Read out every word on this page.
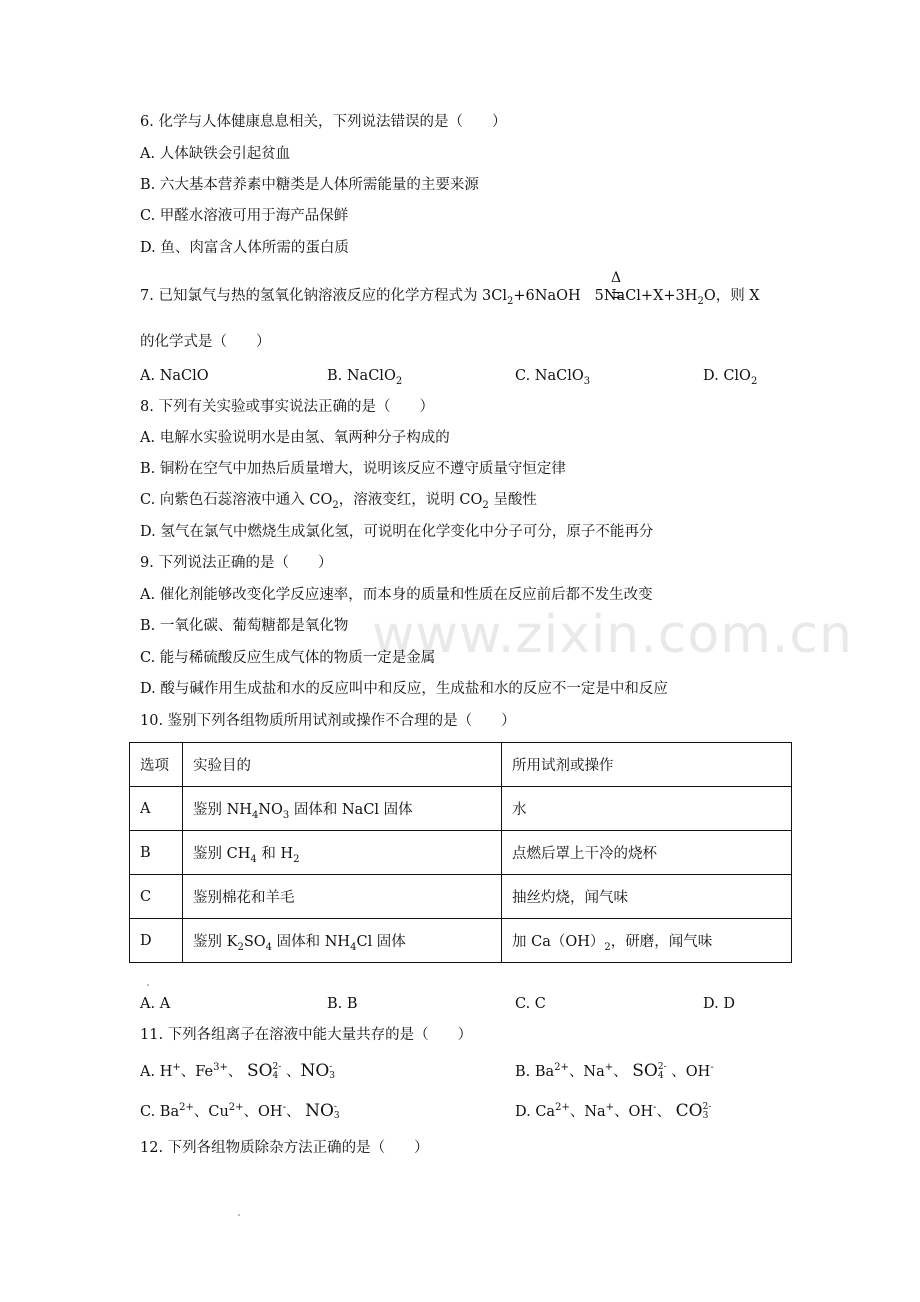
www.zixin.com.cn
6. 化学与人体健康息息相关，下列说法错误的是（　　）
A. 人体缺铁会引起贫血
B. 六大基本营养素中糖类是人体所需能量的主要来源
C. 甲醛水溶液可用于海产品保鲜
D. 鱼、肉富含人体所需的蛋白质
7. 已知氯气与热的氢氧化钠溶液反应的化学方程式为 $3Cl_2+6NaOH$ $5NaCl+X+3H_2O$，则 X
Δ
的化学式是（　　）
A. NaClO	B. NaClO$_2$	C. NaClO$_3$	D. ClO$_2$
8. 下列有关实验或事实说法正确的是（　　）
A. 电解水实验说明水是由氢、氧两种分子构成的
B. 铜粉在空气中加热后质量增大，说明该反应不遵守质量守恒定律
C. 向紫色石蕊溶液中通入 $CO_2$，溶液变红，说明 $CO_2$ 呈酸性
D. 氢气在氯气中燃烧生成氯化氢，可说明在化学变化中分子可分，原子不能再分
9. 下列说法正确的是（　　）
A. 催化剂能够改变化学反应速率，而本身的质量和性质在反应前后都不发生改变
B. 一氧化碳、葡萄糖都是氧化物
C. 能与稀硫酸反应生成气体的物质一定是金属
D. 酸与碱作用生成盐和水的反应叫中和反应，生成盐和水的反应不一定是中和反应
10. 鉴别下列各组物质所用试剂或操作不合理的是（　　）
选项	实验目的	所用试剂或操作
A	鉴别 $NH_4NO_3$ 固体和 NaCl 固体	水
B	鉴别 $CH_4$ 和 $H_2$	点燃后罩上干冷的烧杯
C	鉴别棉花和羊毛	抽丝灼烧，闻气味
D	鉴别 $K_2SO_4$ 固体和 $NH_4Cl$ 固体	加 $Ca(OH)_2$，研磨，闻气味
A. A	B. B	C. C	D. D
11. 下列各组离子在溶液中能大量共存的是（　　）
A. H+、$Fe^{3+}$、 SO 2-
4 、NO -
3	B. $Ba^{2+}$、Na+、 SO 2-
4 、OH-
C. $Ba^{2+}$、$Cu^{2+}$、OH-、 NO -
3	D. $Ca^{2+}$、Na+、OH-、 CO 2-
3
12. 下列各组物质除杂方法正确的是（　　）
